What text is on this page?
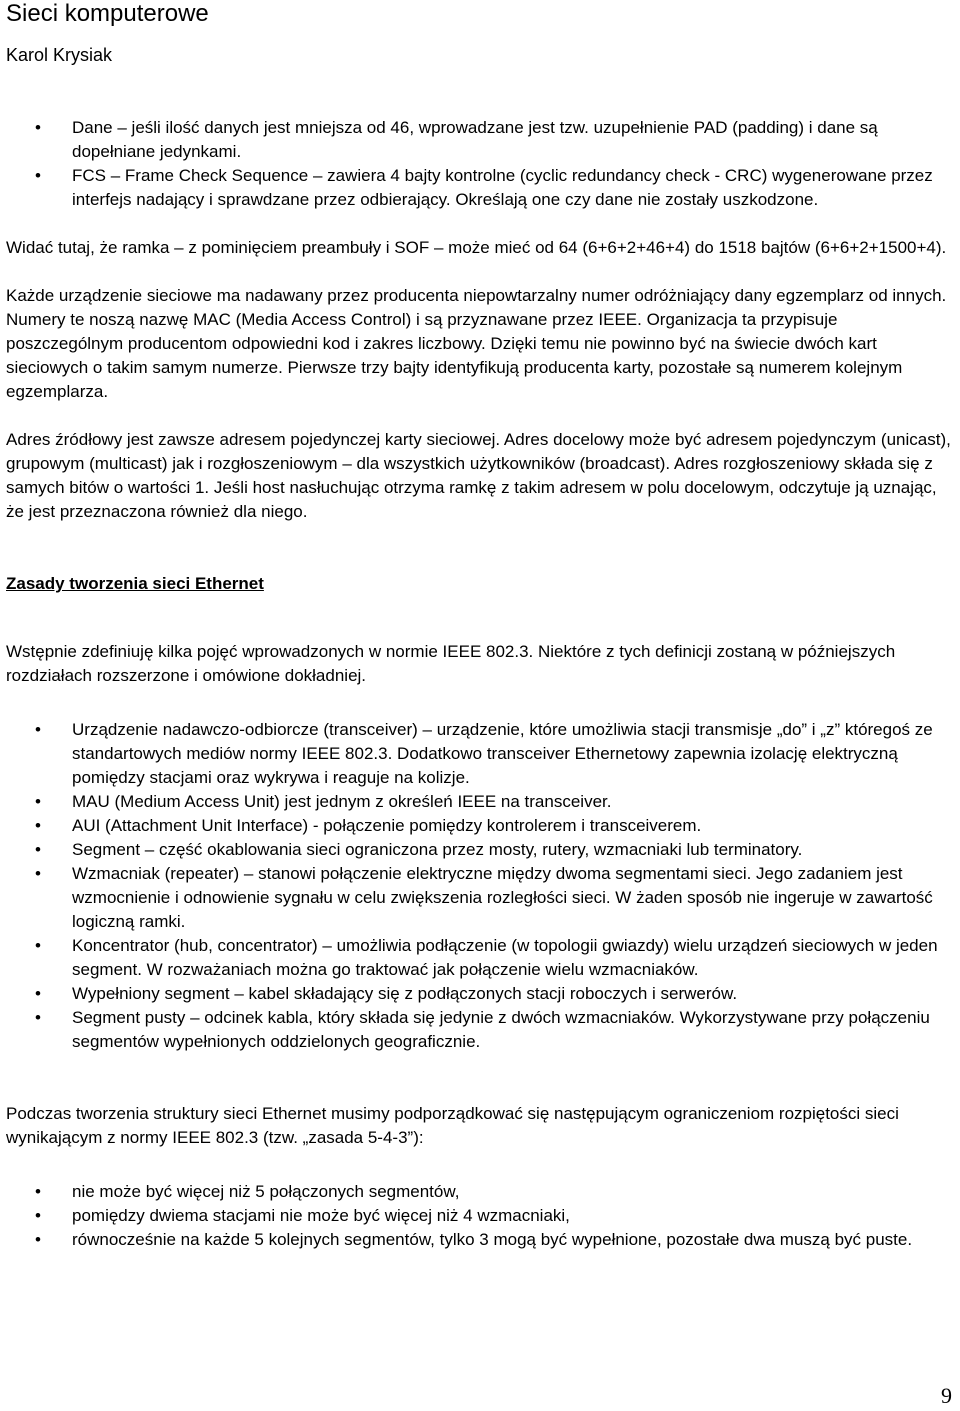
Sieci komputerowe
Karol Krysiak
• Dane – jeśli ilość danych jest mniejsza od 46, wprowadzane jest tzw. uzupełnienie PAD (padding) i dane są dopełniane jedynkami.
• FCS – Frame Check Sequence – zawiera 4 bajty kontrolne (cyclic redundancy check - CRC) wygenerowane przez interfejs nadający i sprawdzane przez odbierający. Określają one czy dane nie zostały uszkodzone.

Widać tutaj, że ramka – z pominięciem preambuły i SOF – może mieć od 64 (6+6+2+46+4) do 1518 bajtów (6+6+2+1500+4).

Każde urządzenie sieciowe ma nadawany przez producenta niepowtarzalny numer odróżniający dany egzemplarz od innych. Numery te noszą nazwę MAC (Media Access Control) i są przyznawane przez IEEE. Organizacja ta przypisuje poszczególnym producentom odpowiedni kod i zakres liczbowy. Dzięki temu nie powinno być na świecie dwóch kart sieciowych o takim samym numerze. Pierwsze trzy bajty identyfikują producenta karty, pozostałe są numerem kolejnym egzemplarza.

Adres źródłowy jest zawsze adresem pojedynczej karty sieciowej. Adres docelowy może być adresem pojedynczym (unicast), grupowym (multicast) jak i rozgłoszeniowym – dla wszystkich użytkowników (broadcast). Adres rozgłoszeniowy składa się z samych bitów o wartości 1. Jeśli host nasłuchując otrzyma ramkę z takim adresem w polu docelowym, odczytuje ją uznając, że jest przeznaczona również dla niego.

Zasady tworzenia sieci Ethernet

Wstępnie zdefiniuję kilka pojęć wprowadzonych w normie IEEE 802.3. Niektóre z tych definicji zostaną w późniejszych rozdziałach rozszerzone i omówione dokładniej.

• Urządzenie nadawczo-odbiorcze (transceiver) – urządzenie, które umożliwia stacji transmisje „do” i „z” któregoś ze standartowych mediów normy IEEE 802.3. Dodatkowo transceiver Ethernetowy zapewnia izolację elektryczną pomiędzy stacjami oraz wykrywa i reaguje na kolizje.
• MAU (Medium Access Unit) jest jednym z określeń IEEE na transceiver.
• AUI (Attachment Unit Interface) - połączenie pomiędzy kontrolerem i transceiverem.
• Segment – część okablowania sieci ograniczona przez mosty, rutery, wzmacniaki lub terminatory.
• Wzmacniak (repeater) – stanowi połączenie elektryczne między dwoma segmentami sieci. Jego zadaniem jest wzmocnienie i odnowienie sygnału w celu zwiększenia rozległości sieci. W żaden sposób nie ingeruje w zawartość logiczną ramki.
• Koncentrator (hub, concentrator) – umożliwia podłączenie (w topologii gwiazdy) wielu urządzeń sieciowych w jeden segment. W rozważaniach można go traktować jak połączenie wielu wzmacniaków.
• Wypełniony segment – kabel składający się z podłączonych stacji roboczych i serwerów.
• Segment pusty – odcinek kabla, który składa się jedynie z dwóch wzmacniaków. Wykorzystywane przy połączeniu segmentów wypełnionych oddzielonych geograficznie.

Podczas tworzenia struktury sieci Ethernet musimy podporządkować się następującym ograniczeniom rozpiętości sieci wynikającym z normy IEEE 802.3 (tzw. „zasada 5-4-3”):

• nie może być więcej niż 5 połączonych segmentów,
• pomiędzy dwiema stacjami nie może być więcej niż 4 wzmacniaki,
• równocześnie na każde 5 kolejnych segmentów, tylko 3 mogą być wypełnione, pozostałe dwa muszą być puste.
9
